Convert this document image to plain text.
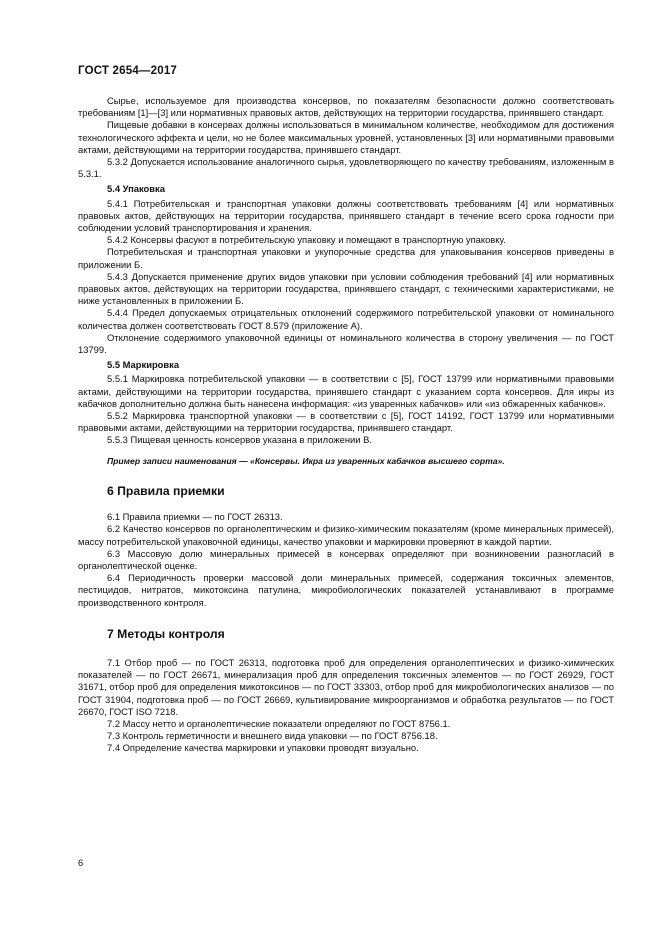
ГОСТ 2654—2017

Сырье, используемое для производства консервов, по показателям безопасности должно соответствовать требованиям [1]—[3] или нормативных правовых актов, действующих на территории государства, принявшего стандарт.

Пищевые добавки в консервах должны использоваться в минимальном количестве, необходимом для достижения технологического эффекта и цели, но не более максимальных уровней, установленных [3] или нормативными правовыми актами, действующими на территории государства, принявшего стандарт.

5.3.2 Допускается использование аналогичного сырья, удовлетворяющего по качеству требованиям, изложенным в 5.3.1.

5.4 Упаковка

5.4.1 Потребительская и транспортная упаковки должны соответствовать требованиям [4] или нормативных правовых актов, действующих на территории государства, принявшего стандарт в течение всего срока годности при соблюдении условий транспортирования и хранения.

5.4.2 Консервы фасуют в потребительскую упаковку и помещают в транспортную упаковку.

Потребительская и транспортная упаковки и укупорочные средства для упаковывания консервов приведены в приложении Б.

5.4.3 Допускается применение других видов упаковки при условии соблюдения требований [4] или нормативных правовых актов, действующих на территории государства, принявшего стандарт, с техническими характеристиками, не ниже установленных в приложении Б.

5.4.4 Предел допускаемых отрицательных отклонений содержимого потребительской упаковки от номинального количества должен соответствовать ГОСТ 8.579 (приложение А).

Отклонение содержимого упаковочной единицы от номинального количества в сторону увеличения — по ГОСТ 13799.

5.5 Маркировка

5.5.1 Маркировка потребительской упаковки — в соответствии с [5], ГОСТ 13799 или нормативными правовыми актами, действующими на территории государства, принявшего стандарт с указанием сорта консервов. Для икры из кабачков дополнительно должна быть нанесена информация: «из уваренных кабачков» или «из обжаренных кабачков».

5.5.2 Маркировка транспортной упаковки — в соответствии с [5], ГОСТ 14192, ГОСТ 13799 или нормативными правовыми актами, действующими на территории государства, принявшего стандарт.

5.5.3 Пищевая ценность консервов указана в приложении В.

Пример записи наименования — «Консервы. Икра из уваренных кабачков высшего сорта».

6 Правила приемки

6.1 Правила приемки — по ГОСТ 26313.

6.2 Качество консервов по органолептическим и физико-химическим показателям (кроме минеральных примесей), массу потребительской упаковочной единицы, качество упаковки и маркировки проверяют в каждой партии.

6.3 Массовую долю минеральных примесей в консервах определяют при возникновении разногласий в органолептической оценке.

6.4 Периодичность проверки массовой доли минеральных примесей, содержания токсичных элементов, пестицидов, нитратов, микотоксина патулина, микробиологических показателей устанавливают в программе производственного контроля.

7 Методы контроля

7.1 Отбор проб — по ГОСТ 26313, подготовка проб для определения органолептических и физико-химических показателей — по ГОСТ 26671, минерализация проб для определения токсичных элементов — по ГОСТ 26929, ГОСТ 31671, отбор проб для определения микотоксинов — по ГОСТ 33303, отбор проб для микробиологических анализов — по ГОСТ 31904, подготовка проб — по ГОСТ 26669, культивирование микроорганизмов и обработка результатов — по ГОСТ 26670, ГОСТ ISO 7218.

7.2 Массу нетто и органолептические показатели определяют по ГОСТ 8756.1.

7.3 Контроль герметичности и внешнего вида упаковки — по ГОСТ 8756.18.

7.4 Определение качества маркировки и упаковки проводят визуально.

6
